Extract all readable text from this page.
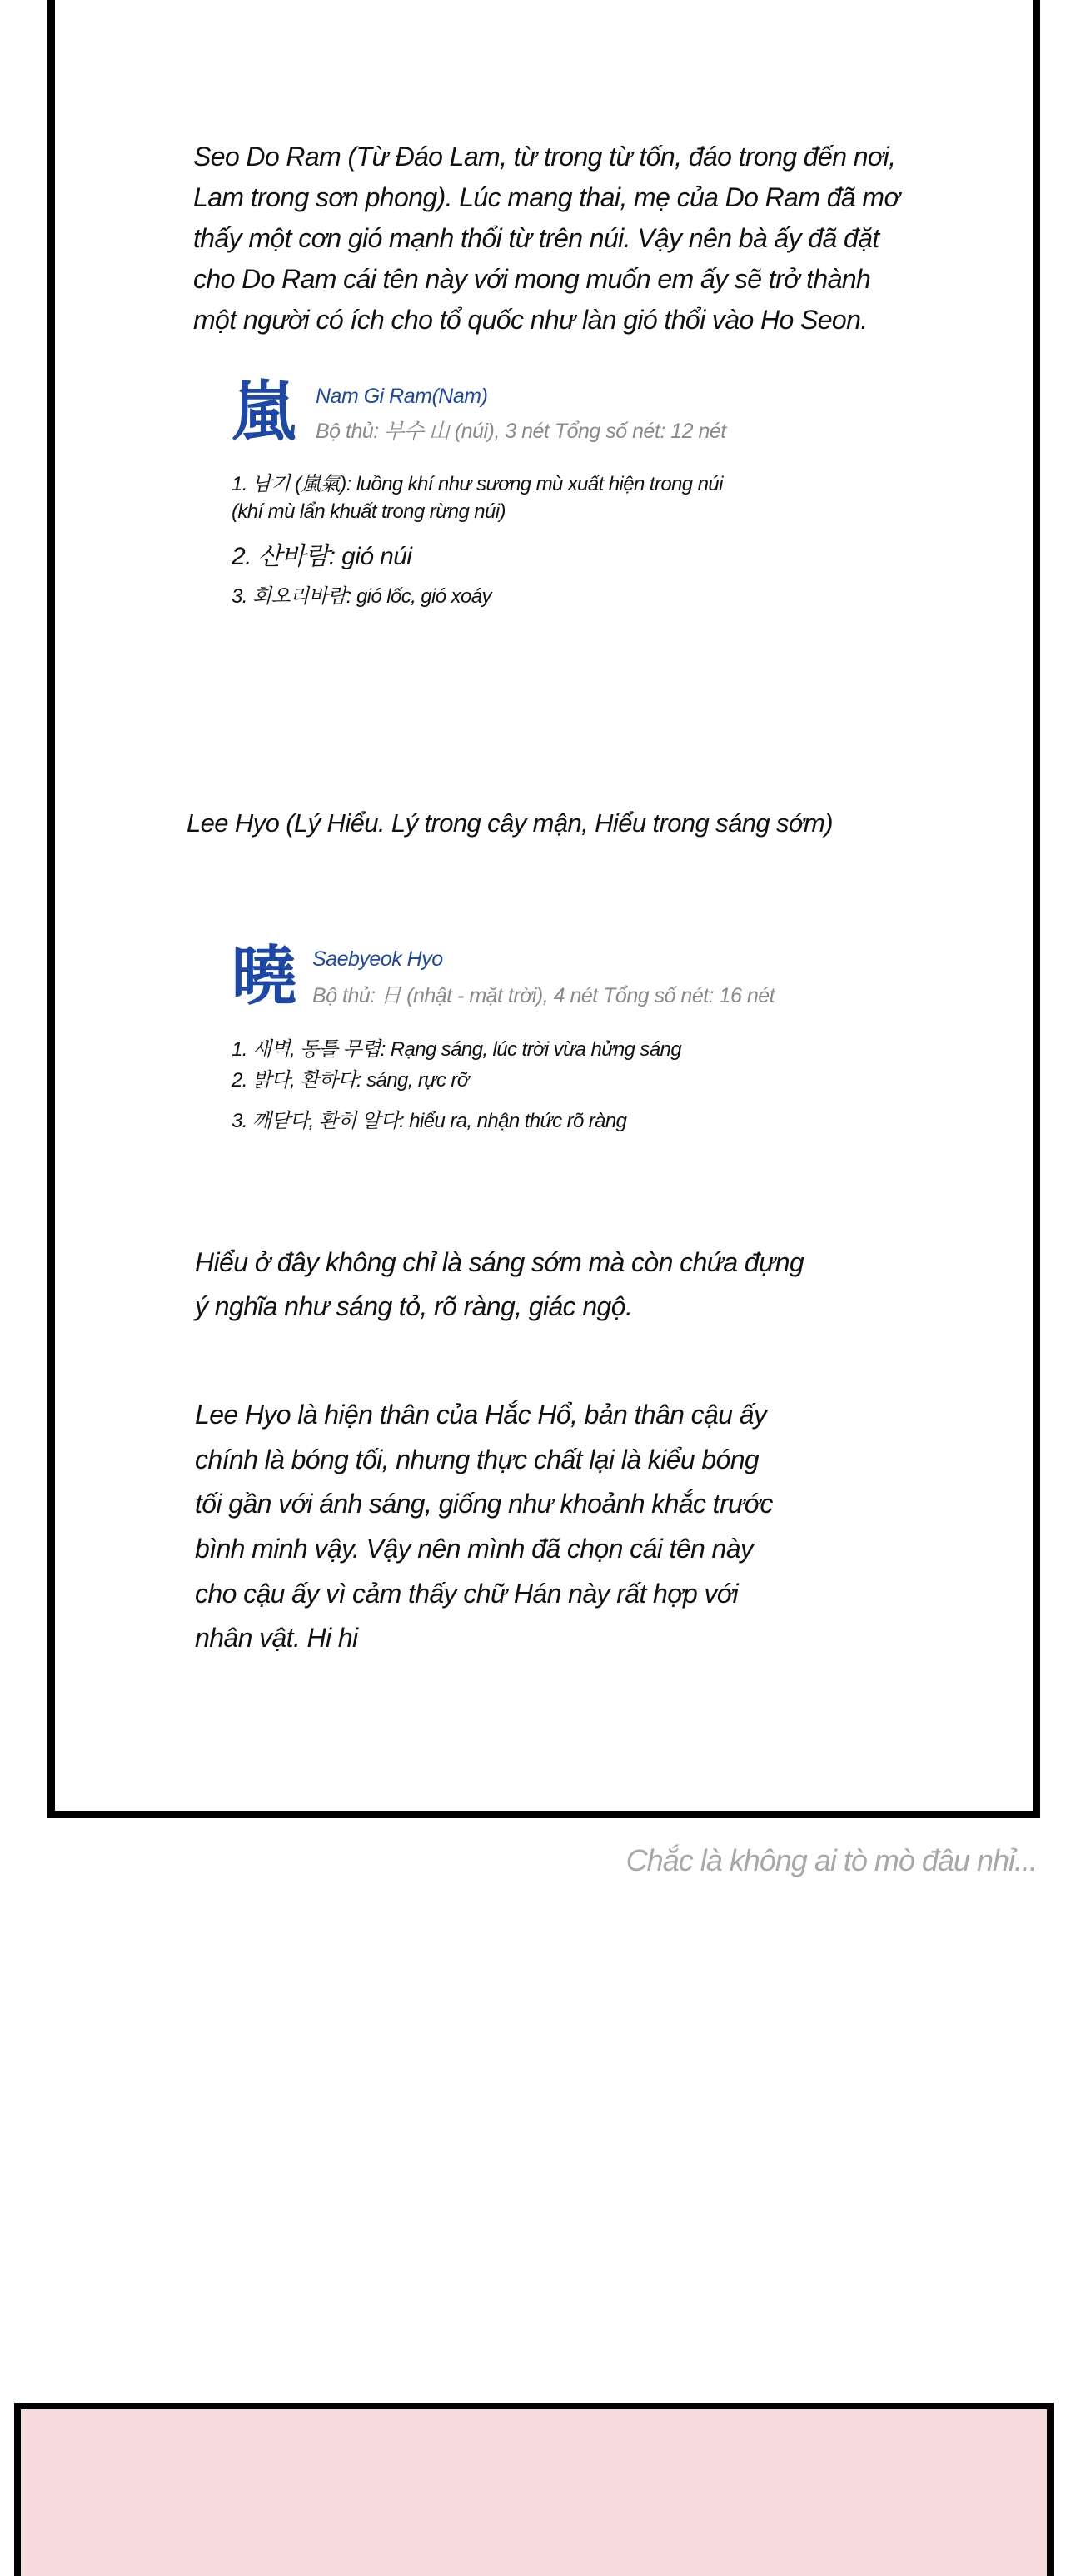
Seo Do Ram (Từ Đáo Lam, từ trong từ tốn, đáo trong đến nơi,
Lam trong sơn phong). Lúc mang thai, mẹ của Do Ram đã mơ
thấy một cơn gió mạnh thổi từ trên núi. Vậy nên bà ấy đã đặt
cho Do Ram cái tên này với mong muốn em ấy sẽ trở thành
một người có ích cho tổ quốc như làn gió thổi vào Ho Seon.
嵐 Nam Gi Ram(Nam)
Bộ thủ: 부수 山 (núi), 3 nét Tổng số nét: 12 nét
1. 남기 (嵐氣): luồng khí như sương mù xuất hiện trong núi
(khí mù lẩn khuất trong rừng núi)
2. 산바람: gió núi
3. 회오리바람: gió lốc, gió xoáy
Lee Hyo (Lý Hiểu. Lý trong cây mận, Hiểu trong sáng sớm)
曉 Saebyeok Hyo
Bộ thủ: 日 (nhật - mặt trời), 4 nét Tổng số nét: 16 nét
1. 새벽, 동틀 무렵: Rạng sáng, lúc trời vừa hửng sáng
2. 밝다, 환하다: sáng, rực rỡ
3. 깨닫다, 환히 알다: hiểu ra, nhận thức rõ ràng
Hiểu ở đây không chỉ là sáng sớm mà còn chứa đựng
ý nghĩa như sáng tỏ, rõ ràng, giác ngộ.
Lee Hyo là hiện thân của Hắc Hổ, bản thân cậu ấy
chính là bóng tối, nhưng thực chất lại là kiểu bóng
tối gần với ánh sáng, giống như khoảnh khắc trước
bình minh vậy. Vậy nên mình đã chọn cái tên này
cho cậu ấy vì cảm thấy chữ Hán này rất hợp với
nhân vật. Hi hi
Chắc là không ai tò mò đâu nhỉ...
